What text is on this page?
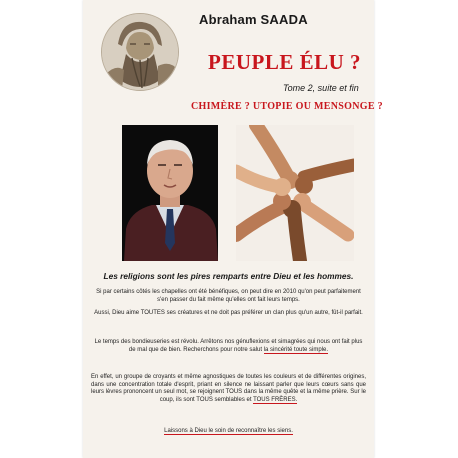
Abraham SAADA
PEUPLE ÉLU ?
Tome 2, suite et fin
CHIMÈRE ? UTOPIE OU MENSONGE ?
Les religions sont les pires remparts entre Dieu et les hommes.
Si par certains côtés les chapelles ont été bénéfiques, on peut dire en 2010 qu'on peut parfaitement s'en passer du fait même qu'elles ont fait leurs temps.
Aussi, Dieu aime TOUTES ses créatures et ne doit pas préférer un clan plus qu'un autre, fût-il parfait.
Le temps des bondieuseries est révolu. Arrêtons nos génuflexions et simagrées qui nous ont fait plus de mal que de bien. Recherchons pour notre salut la sincérité toute simple.
En effet, un groupe de croyants et même agnostiques de toutes les couleurs et de différentes origines, dans une concentration totale d'esprit, priant en silence ne laissant parler que leurs cœurs sans que leurs lèvres prononcent un seul mot, se rejoignent TOUS dans la même quête et la même prière. Sur le coup, ils sont TOUS semblables et TOUS FRÈRES.
Laissons à Dieu le soin de reconnaître les siens.
